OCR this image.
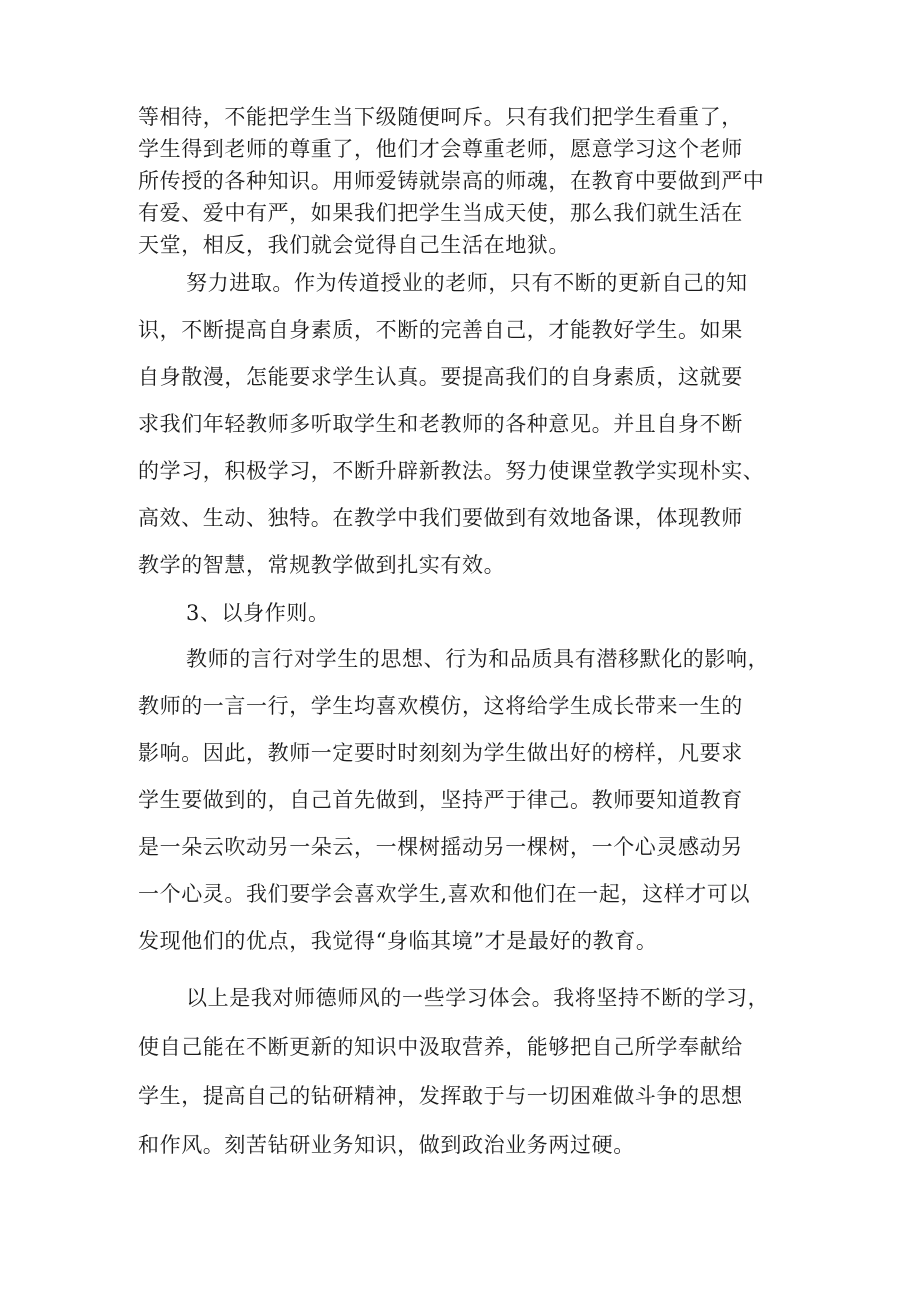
等相待，不能把学生当下级随便呵斥。只有我们把学生看重了，
学生得到老师的尊重了，他们才会尊重老师，愿意学习这个老师
所传授的各种知识。用师爱铸就崇高的师魂，在教育中要做到严中
有爱、爱中有严，如果我们把学生当成天使，那么我们就生活在
天堂，相反，我们就会觉得自己生活在地狱。
努力进取。作为传道授业的老师，只有不断的更新自己的知
识，不断提高自身素质，不断的完善自己，才能教好学生。如果
自身散漫，怎能要求学生认真。要提高我们的自身素质，这就要
求我们年轻教师多听取学生和老教师的各种意见。并且自身不断
的学习，积极学习，不断升辟新教法。努力使课堂教学实现朴实、
高效、生动、独特。在教学中我们要做到有效地备课，体现教师
教学的智慧，常规教学做到扎实有效。
3、以身作则。
教师的言行对学生的思想、行为和品质具有潜移默化的影响，
教师的一言一行，学生均喜欢模仿，这将给学生成长带来一生的
影响。因此，教师一定要时时刻刻为学生做出好的榜样，凡要求
学生要做到的，自己首先做到，坚持严于律己。教师要知道教育
是一朵云吹动另一朵云，一棵树摇动另一棵树，一个心灵感动另
一个心灵。我们要学会喜欢学生,喜欢和他们在一起，这样才可以
发现他们的优点，我觉得“身临其境”才是最好的教育。
以上是我对师德师风的一些学习体会。我将坚持不断的学习，
使自己能在不断更新的知识中汲取营养，能够把自己所学奉献给
学生，提高自己的钻研精神，发挥敢于与一切困难做斗争的思想
和作风。刻苦钻研业务知识，做到政治业务两过硬。
